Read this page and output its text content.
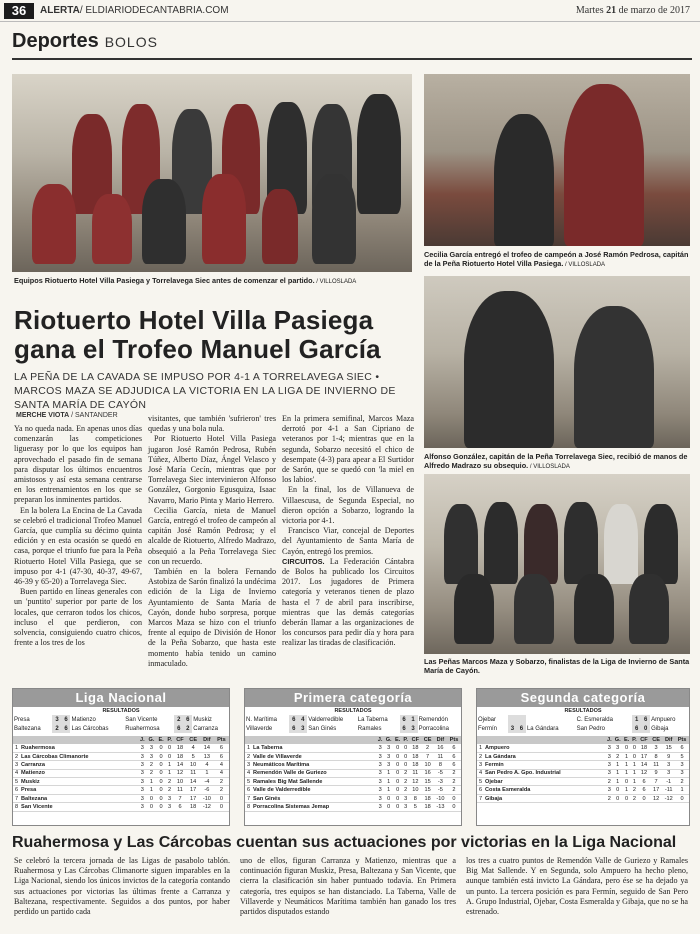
36	ALERTA/ ELDIARIODECANTABRIA.COM	Martes 21 de marzo de 2017
Deportes BOLOS
Equipos Riotuerto Hotel Villa Pasiega y Torrelavega Siec antes de comenzar el partido. / VILLOSLADA
Cecilia García entregó el trofeo de campeón a José Ramón Pedrosa, capitán de la Peña Riotuerto Hotel Villa Pasiega. / VILLOSLADA
Alfonso González, capitán de la Peña Torrelavega Siec, recibió de manos de Alfredo Madrazo su obsequio. / VILLOSLADA
Las Peñas Marcos Maza y Sobarzo, finalistas de la Liga de Invierno de Santa María de Cayón.
Riotuerto Hotel Villa Pasiega gana el Trofeo Manuel García
LA PEÑA DE LA CAVADA SE IMPUSO POR 4-1 A TORRELAVEGA SIEC • MARCOS MAZA SE ADJUDICA LA VICTORIA EN LA LIGA DE INVIERNO DE SANTA MARÍA DE CAYÓN
MERCHE VIOTA / SANTANDER

Ya no queda nada. En apenas unos días comenzarán las competiciones liguerasy por lo que los equipos han aprovechado el pasado fin de semana para disputar los últimos encuentros amistosos y así esta semana centrarse en los entrenamientos en los que se preparan los inminentes partidos.

En la bolera La Encina de La Cavada se celebró el tradicional Trofeo Manuel García, que cumplía su décimo quinta edición y en esta ocasión se quedó en casa, porque el triunfo fue para la Peña Riotuerto Hotel Villa Pasiega, que se impuso por 4-1 (47-30, 40-37, 49-67, 46-39 y 65-20) a Torrelavega Siec.

Buen partido en líneas generales con un 'puntito' superior por parte de los locales, que cerraron todos los chicos, incluso el que perdieron, con solvencia, consiguiendo cuatro chicos, frente a los tres de los

visitantes, que también 'sufrieron' tres quedas y una bola nula.

Por Riotuerto Hotel Villa Pasiega jugaron José Ramón Pedrosa, Rubén Túñez, Alberto Díaz, Ángel Velasco y José María Cecín, mientras que por Torrelavega Siec intervinieron Alfonso González, Gorgonio Egusquiza, Isaac Navarro, Mario Pinta y Mario Herrero.

Cecilia García, nieta de Manuel García, entregó el trofeo de campeón al capitán José Ramón Pedrosa; y el alcalde de Riotuerto, Alfredo Madrazo, obsequió a la Peña Torrelavega Siec con un recuerdo.

También en la bolera Fernando Astobiza de Sarón finalizó la undécima edición de la Liga de Invierno Ayuntamiento de Santa María de Cayón, donde hubo sorpresa, porque Marcos Maza se hizo con el triunfo frente al equipo de División de Honor de la Peña Sobarzo, que hasta este momento había tenido un camino inmaculado.

En la primera semifinal, Marcos Maza derrotó por 4-1 a San Cipriano de veteranos por 1-4; mientras que en la segunda, Sobarzo necesitó el chico de desempate (4-3) para apear a El Surtidor de Sarón, que se quedó con 'la miel en los labios'.

En la final, los de Villanueva de Villaescusa, de Segunda Especial, no dieron opción a Sobarzo, logrando la victoria por 4-1.

Francisco Viar, concejal de Deportes del Ayuntamiento de Santa María de Cayón, entregó los premios.

CIRCUITOS. La Federación Cántabra de Bolos ha publicado los Circuitos 2017. Los jugadores de Primera categoría y veteranos tienen de plazo hasta el 7 de abril para inscribirse, mientras que las demás categorías deberán llamar a las organizaciones de los concursos para pedir día y hora para realizar las tiradas de clasificación.

Liga Nacional
RESULTADOS
Presa	3	6	Matienzo	San Vicente	2	6	Muskiz
Baltezana	2	6	Las Cárcobas	Ruahermosa	6	2	Carranza
		J.	G.	E.	P.	CF	CE	Dif	Pts
1	Ruahermosa	3	3	0	0	18	4	14	6
2	Las Cárcobas Climanorte	3	3	0	0	18	5	13	6
3	Carranza	3	2	0	1	14	10	4	4
4	Matienzo	3	2	0	1	12	11	1	4
5	Muskiz	3	1	0	2	10	14	-4	2
6	Presa	3	1	0	2	11	17	-6	2
7	Baltezana	3	0	0	3	7	17	-10	0
8	San Vicente	3	0	0	3	6	18	-12	0
Primera categoría
RESULTADOS
N. Marítima	6	4	Valderredible	La Taberna	6	1	Remendón
Villaverde	6	3	San Ginés	Ramales	6	3	Porracolina
		J.	G.	E.	P.	CF	CE	Dif	Pts
1	La Taberna	3	3	0	0	18	2	16	6
2	Valle de Villaverde	3	3	0	0	18	7	11	6
3	Neumáticos Marítima	3	3	0	0	18	10	8	6
4	Remendón Valle de Guriezo	3	1	0	2	11	16	-5	2
5	Ramales Big Mat Sallende	3	1	0	2	12	15	-3	2
6	Valle de Valderredible	3	1	0	2	10	15	-5	2
7	San Ginés	3	0	0	3	8	18	-10	0
8	Porracolina Sistemas Jemap	3	0	0	3	5	18	-13	0
Segunda categoría
RESULTADOS
Ojebar				C. Esmeralda	1	6	Ampuero
Fermín	3	6	La Gándara	San Pedro	6	0	Gibaja
		J.	G.	E.	P.	CF	CE	Dif	Pts
1	Ampuero	3	3	0	0	18	3	15	6
2	La Gándara	3	2	1	0	17	8	9	5
3	Fermín	3	1	1	1	14	11	3	3
4	San Pedro A. Gpo. Industrial	3	1	1	1	12	9	3	3
5	Ojebar	2	1	0	1	6	7	-1	2
6	Costa Esmeralda	3	0	1	2	6	17	-11	1
7	Gibaja	2	0	0	2	0	12	-12	0
Ruahermosa y Las Cárcobas cuentan sus actuaciones por victorias en la Liga Nacional
Se celebró la tercera jornada de las Ligas de pasabolo tablón. Ruahermosa y Las Cárcobas Climanorte siguen imparables en la Liga Nacional, siendo los únicos invictos de la categoría contando sus actuaciones por victorias las últimas frente a Carranza y Baltezana, respectivamente. Seguidos a dos puntos, por haber perdido un partido cada
uno de ellos, figuran Carranza y Matienzo, mientras que a continuación figuran Muskiz, Presa, Baltezana y San Vicente, que cierra la clasificación sin haber puntuado todavía. En Primera categoría, tres equipos se han distanciado. La Taberna, Valle de Villaverde y Neumáticos Marítima también han ganado los tres partidos disputados estando
los tres a cuatro puntos de Remendón Valle de Guriezo y Ramales Big Mat Sallende. Y en Segunda, solo Ampuero ha hecho pleno, aunque también está invicto La Gándara, pero ése se ha dejado ya un punto. La tercera posición es para Fermín, seguido de San Pero A. Grupo Industrial, Ojebar, Costa Esmeralda y Gibaja, que no se ha estrenado.
